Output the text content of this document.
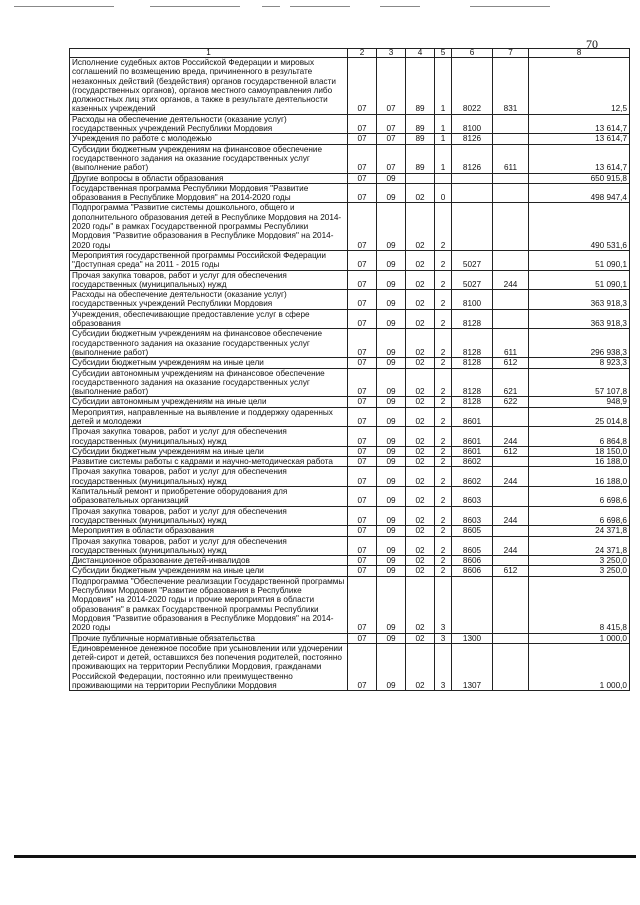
70
1	2	3	4	5	6	7	8
Исполнение судебных актов Российской Федерации и мировых соглашений по возмещению вреда, причиненного в результате незаконных действий (бездействия) органов государственной власти (государственных органов), органов местного самоуправления либо должностных лиц этих органов, а также в результате деятельности казенных учреждений	07	07	89	1	8022	831	12,5
Расходы на обеспечение деятельности (оказание услуг) государственных учреждений Республики Мордовия	07	07	89	1	8100		13 614,7
Учреждения по работе с молодежью	07	07	89	1	8126		13 614,7
Субсидии бюджетным учреждениям на финансовое обеспечение государственного задания на оказание государственных услуг (выполнение работ)	07	07	89	1	8126	611	13 614,7
Другие вопросы в области образования	07	09					650 915,8
Государственная программа Республики Мордовия "Развитие образования в Республике Мордовия" на 2014-2020 годы	07	09	02	0			498 947,4
Подпрограмма "Развитие системы дошкольного, общего и дополнительного образования детей в Республике Мордовия на 2014-2020 годы" в рамках Государственной программы Республики Мордовия "Развитие образования в Республике Мордовия" на 2014-2020 годы	07	09	02	2			490 531,6
Мероприятия государственной программы Российской Федерации "Доступная среда" на 2011 - 2015 годы	07	09	02	2	5027		51 090,1
Прочая закупка товаров, работ и услуг для обеспечения государственных (муниципальных) нужд	07	09	02	2	5027	244	51 090,1
Расходы на обеспечение деятельности (оказание услуг) государственных учреждений Республики Мордовия	07	09	02	2	8100		363 918,3
Учреждения, обеспечивающие предоставление услуг в сфере образования	07	09	02	2	8128		363 918,3
Субсидии бюджетным учреждениям на финансовое обеспечение государственного задания на оказание государственных услуг (выполнение работ)	07	09	02	2	8128	611	296 938,3
Субсидии бюджетным учреждениям на иные цели	07	09	02	2	8128	612	8 923,3
Субсидии автономным учреждениям на финансовое обеспечение государственного задания на оказание государственных услуг (выполнение работ)	07	09	02	2	8128	621	57 107,8
Субсидии автономным учреждениям на иные цели	07	09	02	2	8128	622	948,9
Мероприятия, направленные на выявление и поддержку одаренных детей и молодежи	07	09	02	2	8601		25 014,8
Прочая закупка товаров, работ и услуг для обеспечения государственных (муниципальных) нужд	07	09	02	2	8601	244	6 864,8
Субсидии бюджетным учреждениям на иные цели	07	09	02	2	8601	612	18 150,0
Развитие системы работы с кадрами и научно-методическая работа	07	09	02	2	8602		16 188,0
Прочая закупка товаров, работ и услуг для обеспечения государственных (муниципальных) нужд	07	09	02	2	8602	244	16 188,0
Капитальный ремонт и приобретение оборудования для образовательных организаций	07	09	02	2	8603		6 698,6
Прочая закупка товаров, работ и услуг для обеспечения государственных (муниципальных) нужд	07	09	02	2	8603	244	6 698,6
Мероприятия в области образования	07	09	02	2	8605		24 371,8
Прочая закупка товаров, работ и услуг для обеспечения государственных (муниципальных) нужд	07	09	02	2	8605	244	24 371,8
Дистанционное образование детей-инвалидов	07	09	02	2	8606		3 250,0
Субсидии бюджетным учреждениям на иные цели	07	09	02	2	8606	612	3 250,0
Подпрограмма "Обеспечение реализации Государственной программы Республики Мордовия "Развитие образования в Республике Мордовия" на 2014-2020 годы и прочие мероприятия в области образования" в рамках Государственной программы Республики Мордовия "Развитие образования в Республике Мордовия" на 2014-2020 годы	07	09	02	3			8 415,8
Прочие публичные нормативные обязательства	07	09	02	3	1300		1 000,0
Единовременное денежное пособие при усыновлении или удочерении детей-сирот и детей, оставшихся без попечения родителей, постоянно проживающих на территории Республики Мордовия, гражданами Российской Федерации, постоянно или преимущественно проживающими на территории Республики Мордовия	07	09	02	3	1307		1 000,0
